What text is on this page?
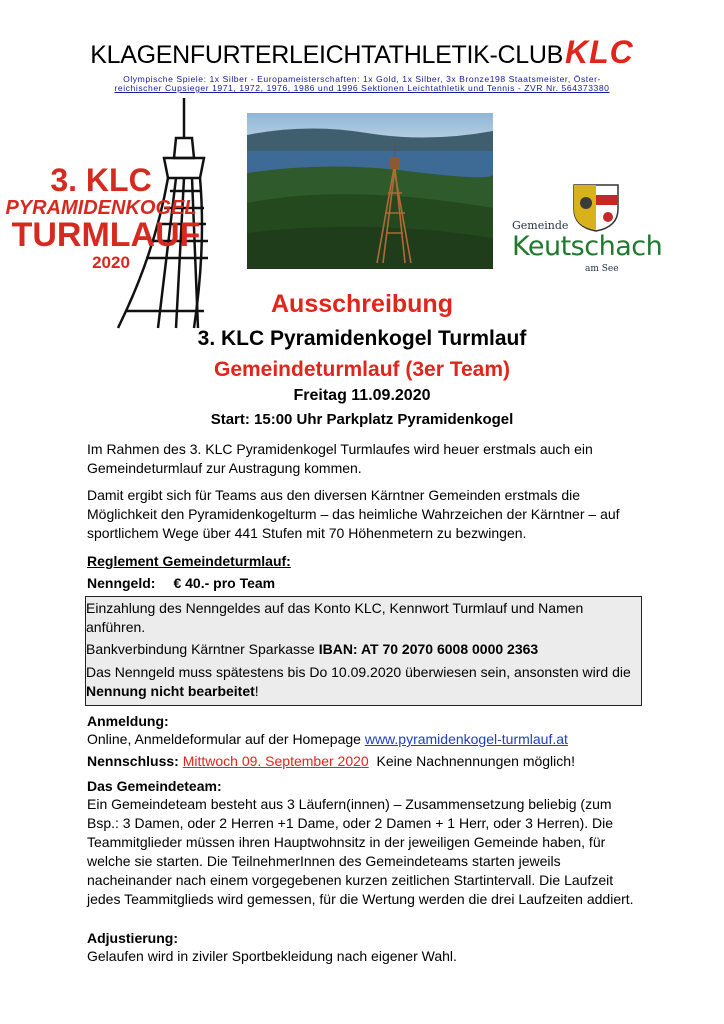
KLAGENFURTERLEICHTATHLETIK-CLUBKLC
Olympische Spiele: 1x Silber - Europameisterschaften: 1x Gold, 1x Silber, 3x Bronze198 Staatsmeister, Öster-
reichischer Cupsieger 1971, 1972, 1976, 1986 und 1996 Sektionen Leichtathletik und Tennis - ZVR Nr. 564373380
3. KLC
PYRAMIDENKOGEL
TURMLAUF
2020
Gemeinde
Keutschach
am See
Ausschreibung
3. KLC Pyramidenkogel Turmlauf
Gemeindeturmlauf (3er Team)
Freitag 11.09.2020
Start: 15:00 Uhr Parkplatz Pyramidenkogel
Im Rahmen des 3. KLC Pyramidenkogel Turmlaufes wird heuer erstmals auch ein Gemeindeturmlauf zur Austragung kommen.
Damit ergibt sich für Teams aus den diversen Kärntner Gemeinden erstmals die Möglichkeit den Pyramidenkogelturm – das heimliche Wahrzeichen der Kärntner – auf sportlichem Wege über 441 Stufen mit 70 Höhenmetern zu bezwingen.
Reglement Gemeindeturmlauf:
Nenngeld: € 40.- pro Team
Einzahlung des Nenngeldes auf das Konto KLC, Kennwort Turmlauf und Namen anführen.
Bankverbindung Kärntner Sparkasse IBAN: AT 70 2070 6008 0000 2363
Das Nenngeld muss spätestens bis Do 10.09.2020 überwiesen sein, ansonsten wird die Nennung nicht bearbeitet!
Anmeldung:
Online, Anmeldeformular auf der Homepage www.pyramidenkogel-turmlauf.at
Nennschluss: Mittwoch 09. September 2020  Keine Nachnennungen möglich!
Das Gemeindeteam:
Ein Gemeindeteam besteht aus 3 Läufern(innen) – Zusammensetzung beliebig (zum Bsp.: 3 Damen, oder 2 Herren +1 Dame, oder 2 Damen + 1 Herr, oder 3 Herren). Die Teammitglieder müssen ihren Hauptwohnsitz in der jeweiligen Gemeinde haben, für welche sie starten. Die TeilnehmerInnen des Gemeindeteams starten jeweils nacheinander nach einem vorgegebenen kurzen zeitlichen Startintervall. Die Laufzeit jedes Teammitglieds wird gemessen, für die Wertung werden die drei Laufzeiten addiert.
Adjustierung:
Gelaufen wird in ziviler Sportbekleidung nach eigener Wahl.
